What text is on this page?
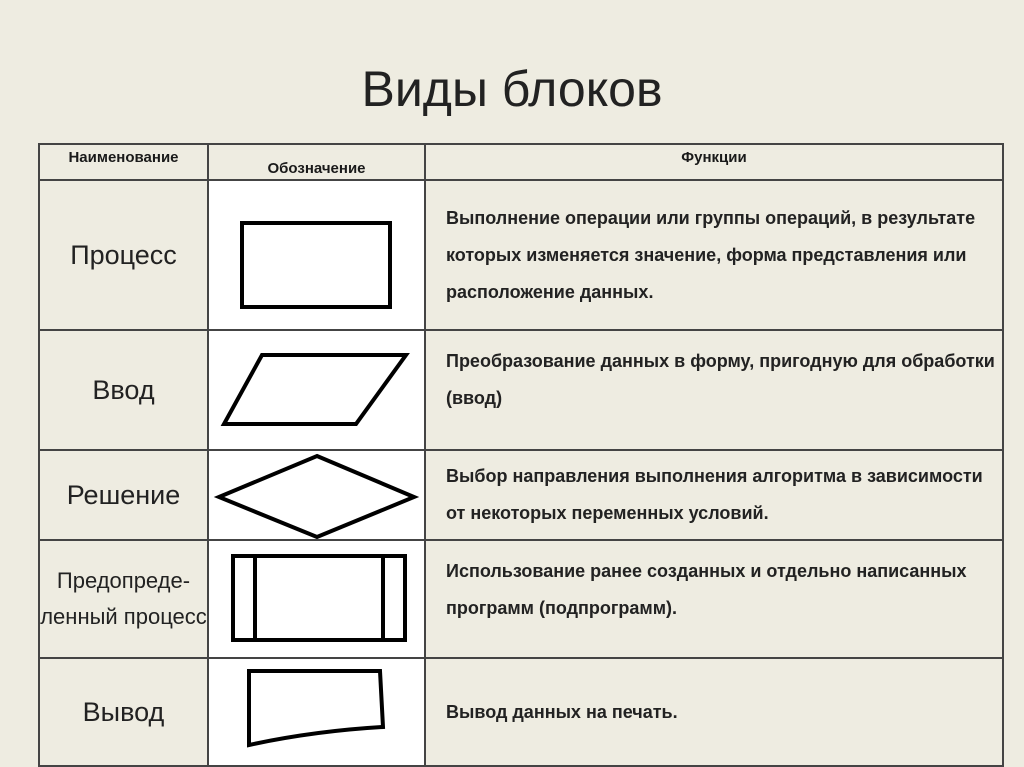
Виды блоков
Наименование	Обозначение	Функции
Процесс		Выполнение операции или группы операций, в результате которых изменяется значение, форма представления или расположение данных.
Ввод		Преобразование данных в форму, пригодную для обработки (ввод)
Решение		Выбор направления выполнения алгоритма в зависимости от некоторых переменных условий.
Предопреде-ленный процесс		Использование ранее созданных и отдельно написанных программ (подпрограмм).
Вывод		Вывод данных на печать.
